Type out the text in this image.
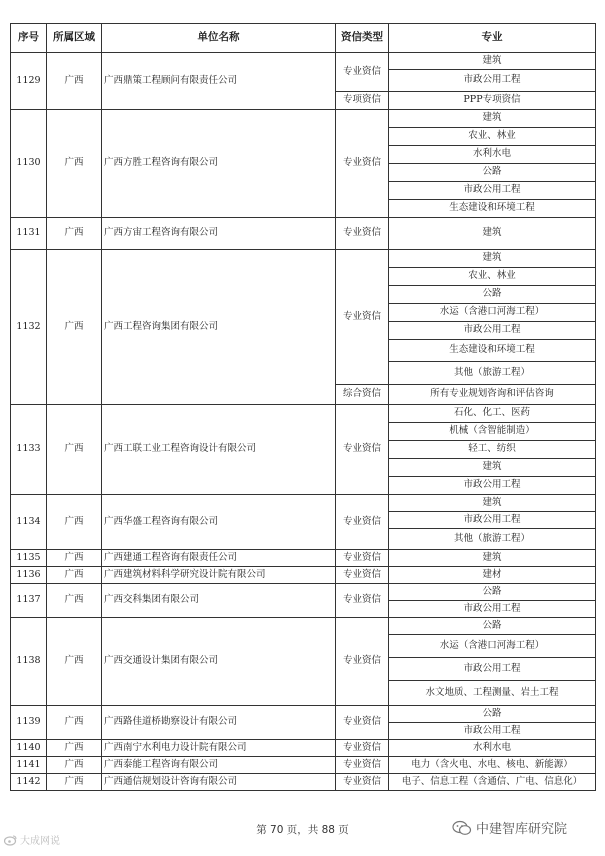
序号	所属区域	单位名称	资信类型	专业
1129	广西	广西鼎策工程顾问有限责任公司	专业资信	建筑
				市政公用工程
			专项资信	PPP专项资信
1130	广西	广西方胜工程咨询有限公司	专业资信	建筑
				农业、林业
				水利水电
				公路
				市政公用工程
				生态建设和环境工程
1131	广西	广西方宙工程咨询有限公司	专业资信	建筑
1132	广西	广西工程咨询集团有限公司	专业资信	建筑
				农业、林业
				公路
				水运（含港口河海工程）
				市政公用工程
				生态建设和环境工程
				其他（旅游工程）
			综合资信	所有专业规划咨询和评估咨询
1133	广西	广西工联工业工程咨询设计有限公司	专业资信	石化、化工、医药
				机械（含智能制造）
				轻工、纺织
				建筑
				市政公用工程
1134	广西	广西华盛工程咨询有限公司	专业资信	建筑
				市政公用工程
				其他（旅游工程）
1135	广西	广西建通工程咨询有限责任公司	专业资信	建筑
1136	广西	广西建筑材料科学研究设计院有限公司	专业资信	建材
1137	广西	广西交科集团有限公司	专业资信	公路
				市政公用工程
1138	广西	广西交通设计集团有限公司	专业资信	公路
				水运（含港口河海工程）
				市政公用工程
				水文地质、工程测量、岩土工程
1139	广西	广西路佳道桥勘察设计有限公司	专业资信	公路
				市政公用工程
1140	广西	广西南宁水利电力设计院有限公司	专业资信	水利水电
1141	广西	广西泰能工程咨询有限公司	专业资信	电力（含火电、水电、核电、新能源）
1142	广西	广西通信规划设计咨询有限公司	专业资信	电子、信息工程（含通信、广电、信息化）
第 70 页，共 88 页
大成网说
中建智库研究院
